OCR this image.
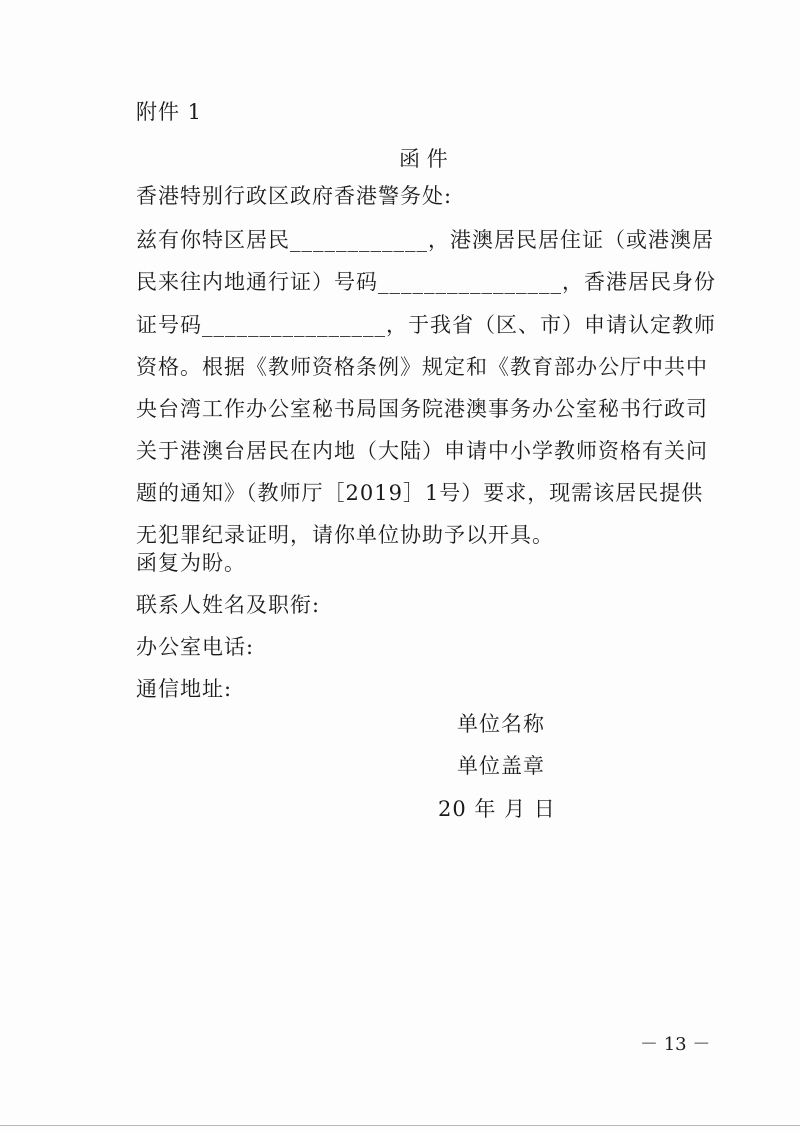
附件 1
函 件
香港特别行政区政府香港警务处:
兹有你特区居民____________，港澳居民居住证（或港澳居
民来往内地通行证）号码________________，香港居民身份
证号码________________，于我省（区、市）申请认定教师
资格。根据《教师资格条例》规定和《教育部办公厅中共中
央台湾工作办公室秘书局国务院港澳事务办公室秘书行政司
关于港澳台居民在内地（大陆）申请中小学教师资格有关问
题的通知》（教师厅［2019］1号）要求，现需该居民提供
无犯罪纪录证明，请你单位协助予以开具。
函复为盼。
联系人姓名及职衔:
办公室电话:
通信地址:
单位名称
单位盖章
20 年 月 日
－ 13 －
